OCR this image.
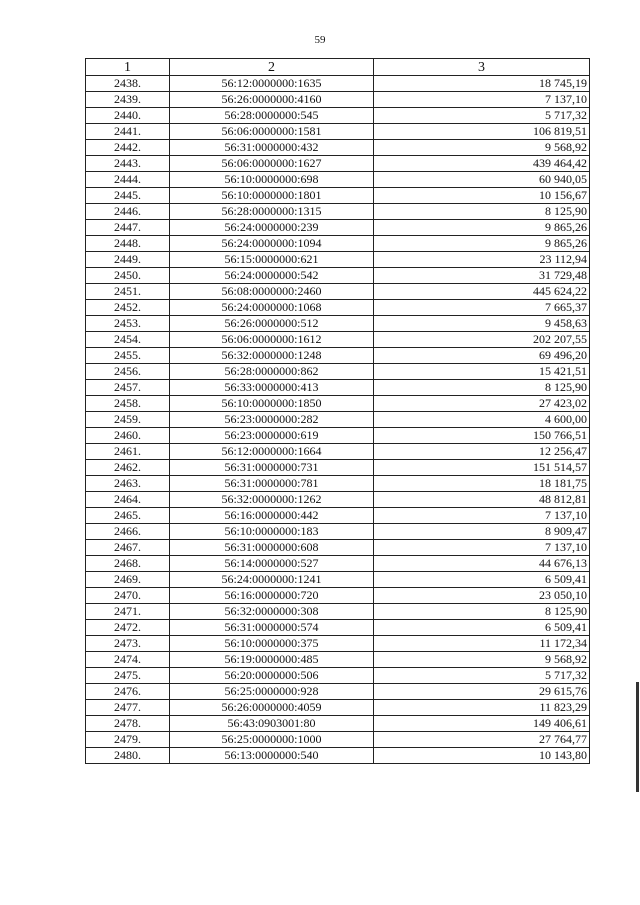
59
1	2	3
2438.	56:12:0000000:1635	18 745,19
2439.	56:26:0000000:4160	7 137,10
2440.	56:28:0000000:545	5 717,32
2441.	56:06:0000000:1581	106 819,51
2442.	56:31:0000000:432	9 568,92
2443.	56:06:0000000:1627	439 464,42
2444.	56:10:0000000:698	60 940,05
2445.	56:10:0000000:1801	10 156,67
2446.	56:28:0000000:1315	8 125,90
2447.	56:24:0000000:239	9 865,26
2448.	56:24:0000000:1094	9 865,26
2449.	56:15:0000000:621	23 112,94
2450.	56:24:0000000:542	31 729,48
2451.	56:08:0000000:2460	445 624,22
2452.	56:24:0000000:1068	7 665,37
2453.	56:26:0000000:512	9 458,63
2454.	56:06:0000000:1612	202 207,55
2455.	56:32:0000000:1248	69 496,20
2456.	56:28:0000000:862	15 421,51
2457.	56:33:0000000:413	8 125,90
2458.	56:10:0000000:1850	27 423,02
2459.	56:23:0000000:282	4 600,00
2460.	56:23:0000000:619	150 766,51
2461.	56:12:0000000:1664	12 256,47
2462.	56:31:0000000:731	151 514,57
2463.	56:31:0000000:781	18 181,75
2464.	56:32:0000000:1262	48 812,81
2465.	56:16:0000000:442	7 137,10
2466.	56:10:0000000:183	8 909,47
2467.	56:31:0000000:608	7 137,10
2468.	56:14:0000000:527	44 676,13
2469.	56:24:0000000:1241	6 509,41
2470.	56:16:0000000:720	23 050,10
2471.	56:32:0000000:308	8 125,90
2472.	56:31:0000000:574	6 509,41
2473.	56:10:0000000:375	11 172,34
2474.	56:19:0000000:485	9 568,92
2475.	56:20:0000000:506	5 717,32
2476.	56:25:0000000:928	29 615,76
2477.	56:26:0000000:4059	11 823,29
2478.	56:43:0903001:80	149 406,61
2479.	56:25:0000000:1000	27 764,77
2480.	56:13:0000000:540	10 143,80
